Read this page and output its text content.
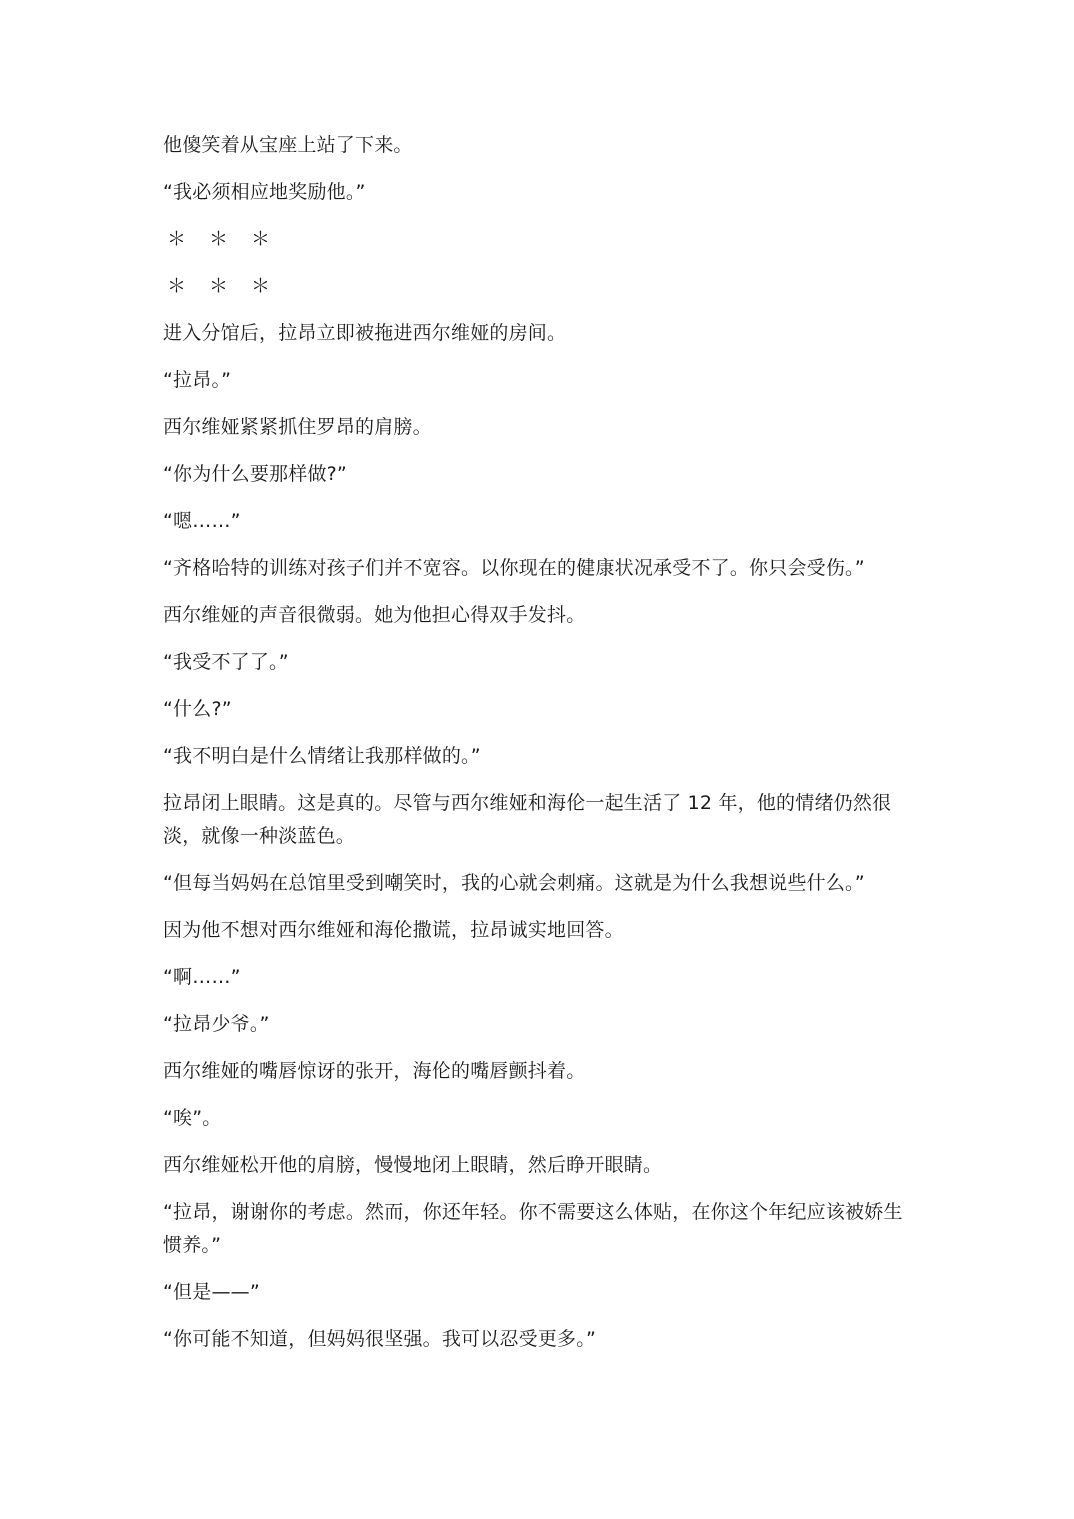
他傻笑着从宝座上站了下来。

“我必须相应地奖励他。”

＊　＊　＊

＊　＊　＊

进入分馆后，拉昂立即被拖进西尔维娅的房间。

“拉昂。”

西尔维娅紧紧抓住罗昂的肩膀。

“你为什么要那样做?”

“嗯……”

“齐格哈特的训练对孩子们并不宽容。以你现在的健康状况承受不了。你只会受伤。”

西尔维娅的声音很微弱。她为他担心得双手发抖。

“我受不了了。”

“什么?”

“我不明白是什么情绪让我那样做的。”

拉昂闭上眼睛。这是真的。尽管与西尔维娅和海伦一起生活了 12 年，他的情绪仍然很淡，就像一种淡蓝色。

“但每当妈妈在总馆里受到嘲笑时，我的心就会刺痛。这就是为什么我想说些什么。”

因为他不想对西尔维娅和海伦撒谎，拉昂诚实地回答。

“啊……”

“拉昂少爷。”

西尔维娅的嘴唇惊讶的张开，海伦的嘴唇颤抖着。

“唉”。

西尔维娅松开他的肩膀，慢慢地闭上眼睛，然后睁开眼睛。

“拉昂，谢谢你的考虑。然而，你还年轻。你不需要这么体贴，在你这个年纪应该被娇生惯养。”

“但是——”

“你可能不知道，但妈妈很坚强。我可以忍受更多。”
